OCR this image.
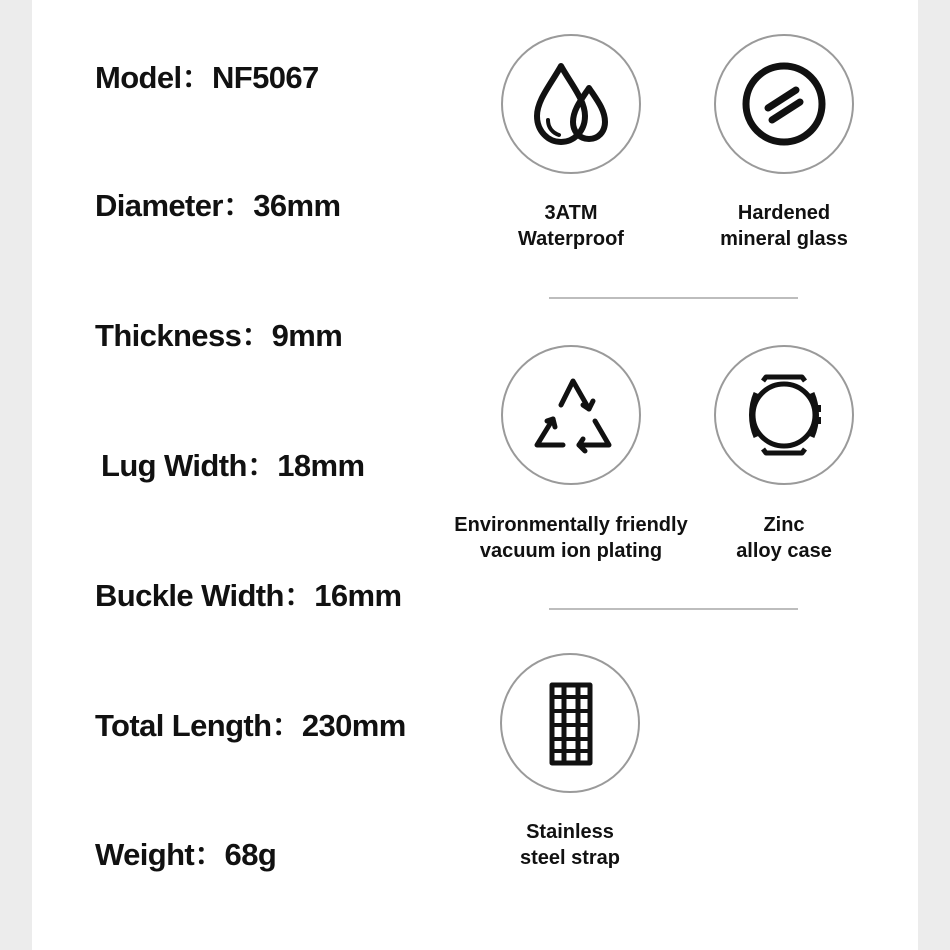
Model：NF5067
Diameter：36mm
Thickness：9mm
Lug Width：18mm
Buckle Width：16mm
Total Length：230mm
Weight：68g
3ATM
Waterproof
Hardened
mineral glass
Environmentally friendly
vacuum ion plating
Zinc
alloy case
Stainless
steel strap
